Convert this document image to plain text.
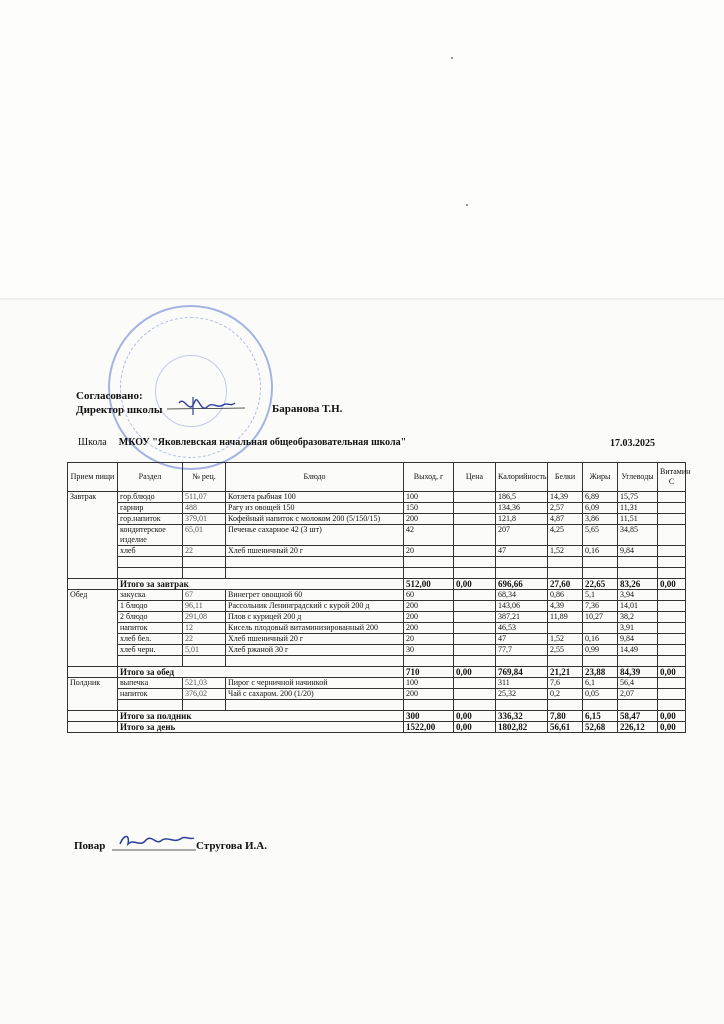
Согласовано:
Директор школы	Баранова Т.Н.
Школа МКОУ "Яковлевская начальная общеобразовательная школа"	17.03.2025
Прием пищи	Раздел	№ рец.	Блюдо	Выход, г	Цена	Калорийность	Белки	Жиры	Углеводы	Витамин С
Завтрак	гор.блюдо	511,07	Котлета рыбная 100	100		186,5	14,39	6,89	15,75	
	гарнир	488	Рагу из овощей 150	150		134,36	2,57	6,09	11,31	
	гор.напиток	379,01	Кофейный напиток с молоком 200 (5/150/15)	200		121,8	4,87	3,86	11,51	
	кондитерское изделие	65,01	Печенье сахарное 42 (3 шт)	42		207	4,25	5,65	34,85	
	хлеб	22	Хлеб пшеничный 20 г	20		47	1,52	0,16	9,84	

	Итого за завтрак			512,00	0,00	696,66	27,60	22,65	83,26	0,00
Обед	закуска	67	Винегрет овощной 60	60		68,34	0,86	5,1	3,94	
	1 блюдо	96,11	Рассольник Ленинградский с курой 200 д	200		143,06	4,39	7,36	14,01	
	2 блюдо	291,08	Плов с курицей 200 д	200		387,21	11,89	10,27	38,2	
	напиток	12	Кисель плодовый витаминизированный 200	200		46,53			3,91	
	хлеб бел.	22	Хлеб пшеничный 20 г	20		47	1,52	0,16	9,84	
	хлеб черн.	5,01	Хлеб ржаной 30 г	30		77,7	2,55	0,99	14,49	

	Итого за обед			710	0,00	769,84	21,21	23,88	84,39	0,00
Полдник	выпечка	521,03	Пирог с черничной начинкой	100		311	7,6	6,1	56,4	
	напиток	376,02	Чай с сахаром. 200 (1/20)	200		25,32	0,2	0,05	2,07	

	Итого за полдник			300	0,00	336,32	7,80	6,15	58,47	0,00
	Итого за день			1522,00	0,00	1802,82	56,61	52,68	226,12	0,00
Повар	Стругова И.А.
